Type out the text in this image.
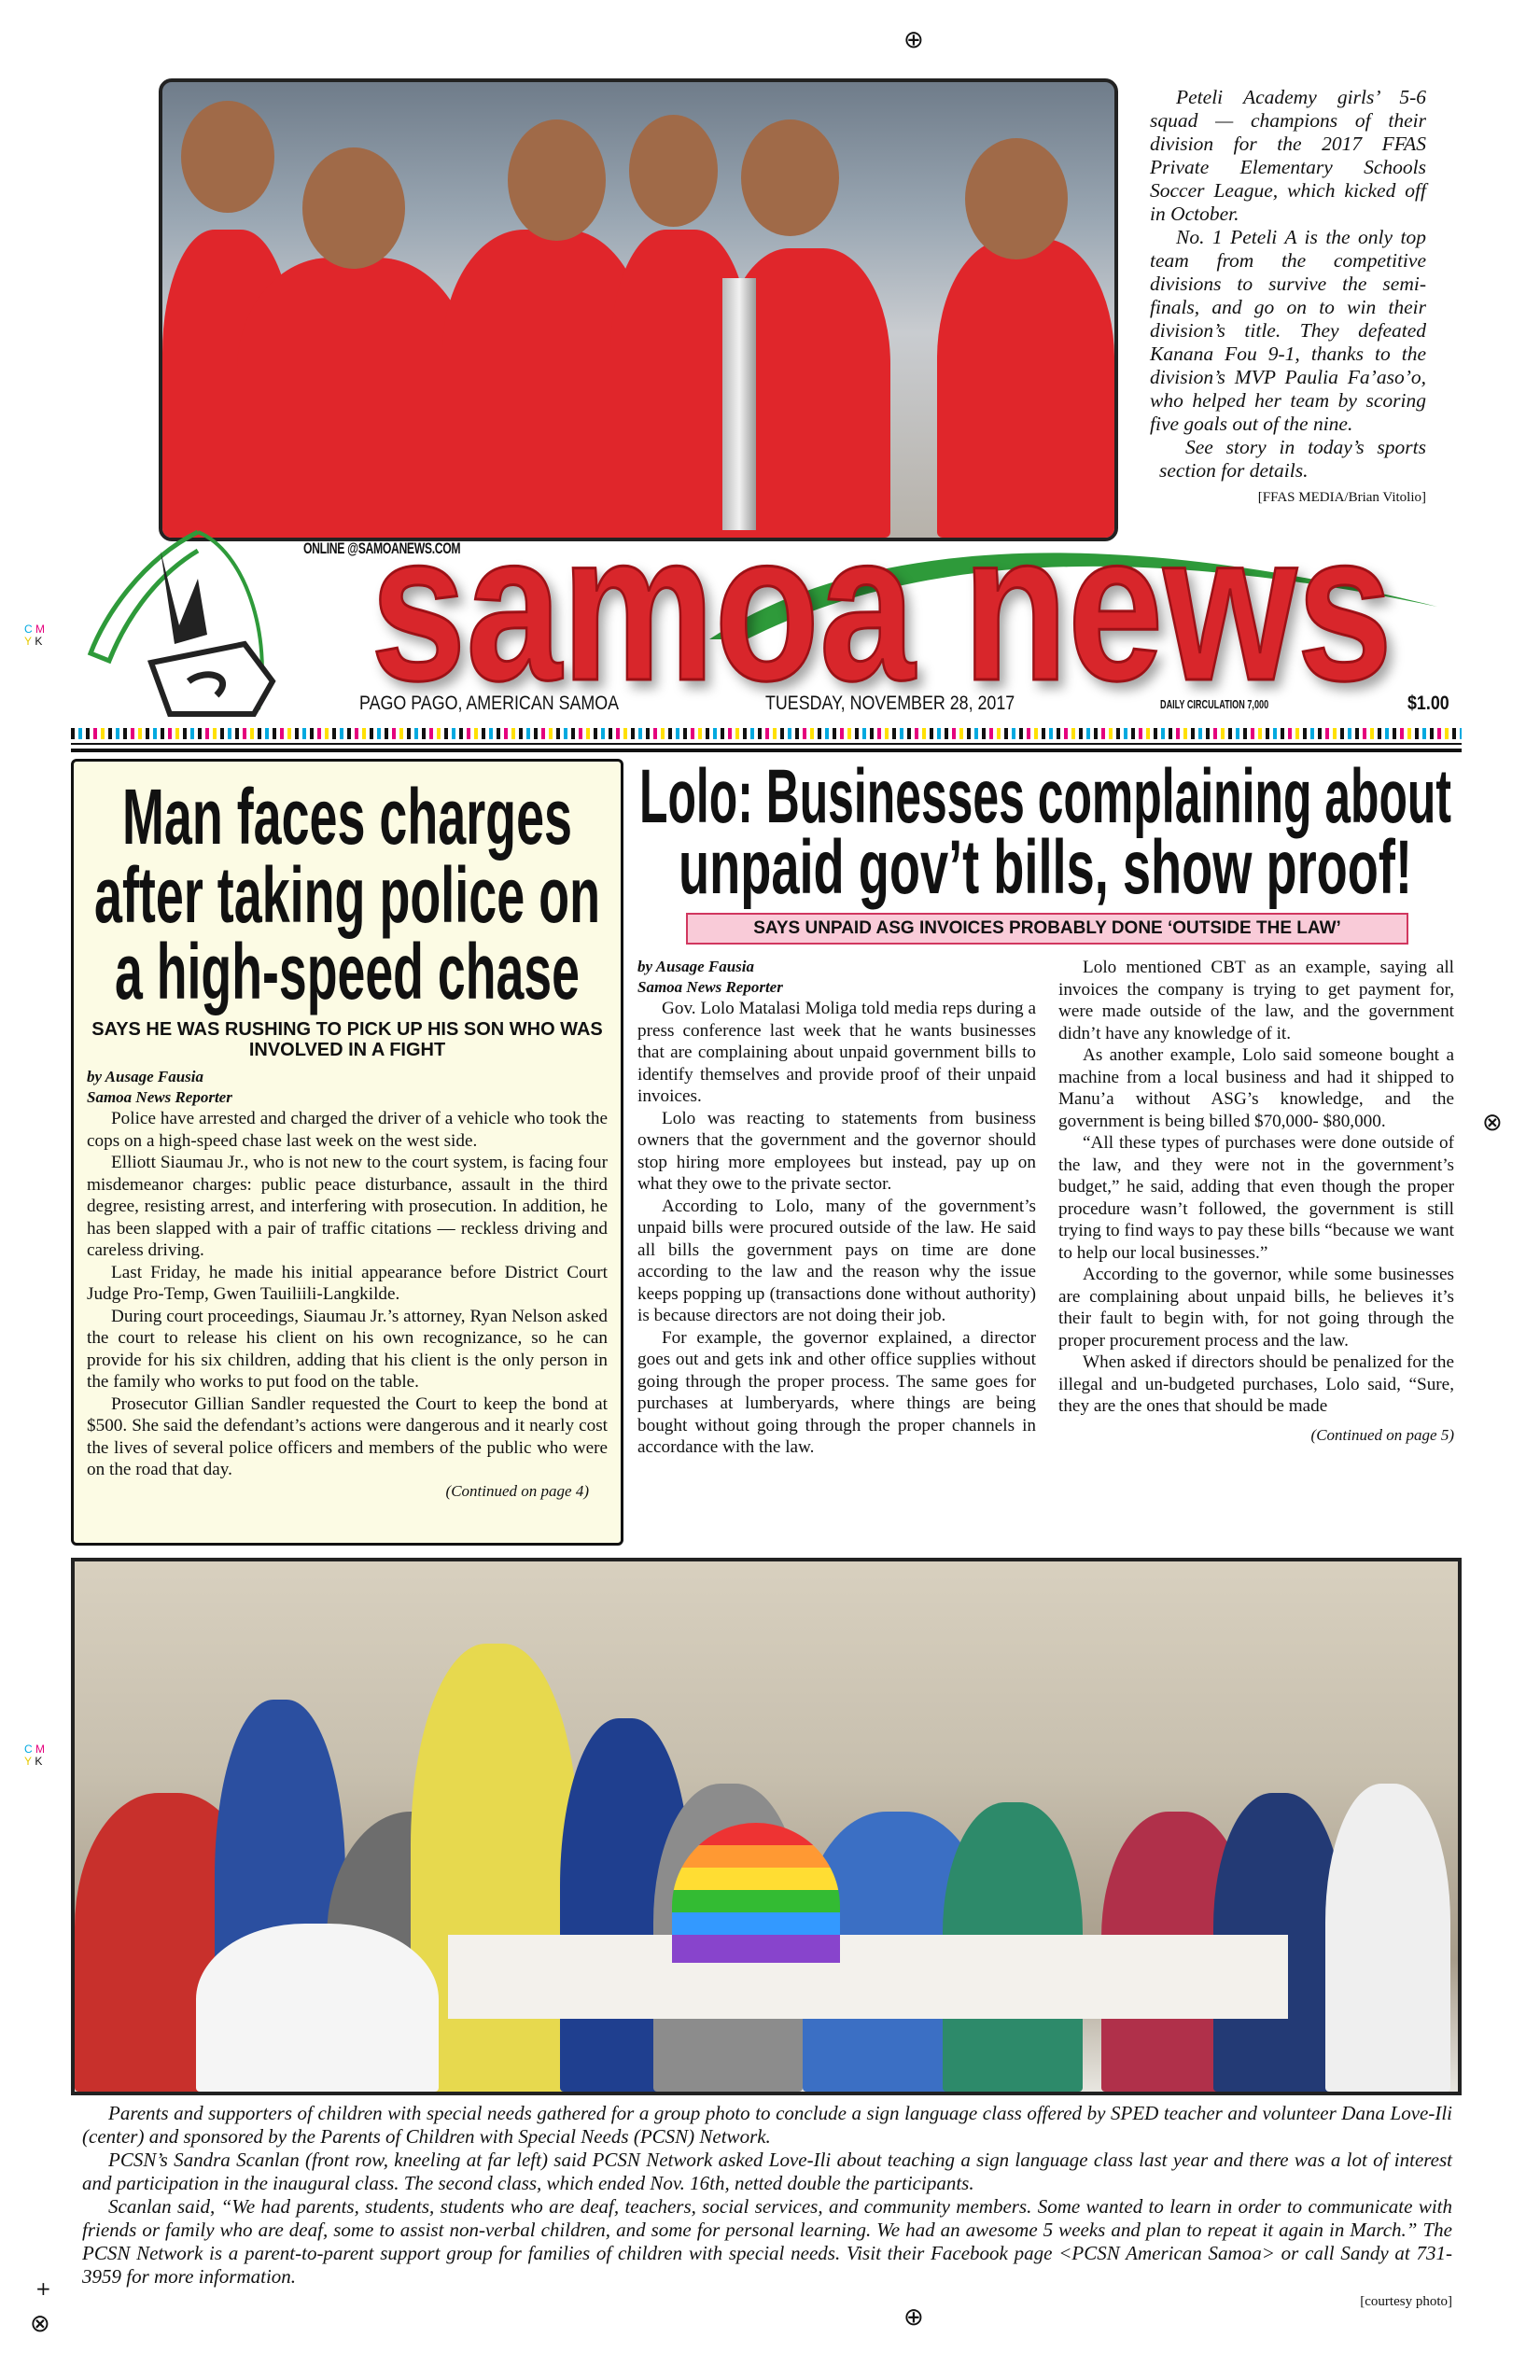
⊕
⊕
⊗
⊗
+
C M
Y K
C M
Y K

Peteli Academy girls’ 5-6 squad — champions of their division for the 2017 FFAS Private Elementary Schools Soccer League, which kicked off in October.

No. 1 Peteli A is the only top team from the competitive divisions to survive the semi-finals, and go on to win their division’s title. They defeated Kanana Fou 9-1, thanks to the division’s MVP Paulia Fa’aso’o, who helped her team by scoring five goals out of the nine.

See story in today’s sports section for details.

[FFAS MEDIA/Brian Vitolio]
ONLINE @SAMOANEWS.COM
samoa news
PAGO PAGO, AMERICAN SAMOA	TUESDAY, NOVEMBER 28, 2017	DAILY CIRCULATION 7,000	$1.00
Man faces charges
after taking police on
a high-speed chase
SAYS HE WAS RUSHING TO PICK UP HIS SON WHO WAS INVOLVED IN A FIGHT
by Ausage Fausia
Samoa News Reporter

Police have arrested and charged the driver of a vehicle who took the cops on a high-speed chase last week on the west side.

Elliott Siaumau Jr., who is not new to the court system, is facing four misdemeanor charges: public peace disturbance, assault in the third degree, resisting arrest, and interfering with prosecution. In addition, he has been slapped with a pair of traffic citations — reckless driving and careless driving.

Last Friday, he made his initial appearance before District Court Judge Pro-Temp, Gwen Tauiliili-Langkilde.

During court proceedings, Siaumau Jr.’s attorney, Ryan Nelson asked the court to release his client on his own recognizance, so he can provide for his six children, adding that his client is the only person in the family who works to put food on the table.

Prosecutor Gillian Sandler requested the Court to keep the bond at $500. She said the defendant’s actions were dangerous and it nearly cost the lives of several police officers and members of the public who were on the road that day.

(Continued on page 4)
Lolo: Businesses complaining about
unpaid gov’t bills, show proof!
SAYS UNPAID ASG INVOICES PROBABLY DONE ‘OUTSIDE THE LAW’
by Ausage Fausia
Samoa News Reporter

Gov. Lolo Matalasi Moliga told media reps during a press conference last week that he wants businesses that are complaining about unpaid government bills to identify themselves and provide proof of their unpaid invoices.

Lolo was reacting to statements from business owners that the government and the governor should stop hiring more employees but instead, pay up on what they owe to the private sector.

According to Lolo, many of the government’s unpaid bills were procured outside of the law. He said all bills the government pays on time are done according to the law and the reason why the issue keeps popping up (transactions done without authority) is because directors are not doing their job.

For example, the governor explained, a director goes out and gets ink and other office supplies without going through the proper process. The same goes for purchases at lumberyards, where things are being bought without going through the proper channels in accordance with the law.

Lolo mentioned CBT as an example, saying all invoices the company is trying to get payment for, were made outside of the law, and the government didn’t have any knowledge of it.

As another example, Lolo said someone bought a machine from a local business and had it shipped to Manu’a without ASG’s knowledge, and the government is being billed $70,000- $80,000.

“All these types of purchases were done outside of the law, and they were not in the government’s budget,” he said, adding that even though the proper procedure wasn’t followed, the government is still trying to find ways to pay these bills “because we want to help our local businesses.”

According to the governor, while some businesses are complaining about unpaid bills, he believes it’s their fault to begin with, for not going through the proper procurement process and the law.

When asked if directors should be penalized for the illegal and un-budgeted purchases, Lolo said, “Sure, they are the ones that should be made

(Continued on page 5)

Parents and supporters of children with special needs gathered for a group photo to conclude a sign language class offered by SPED teacher and volunteer Dana Love-Ili (center) and sponsored by the Parents of Children with Special Needs (PCSN) Network.

PCSN’s Sandra Scanlan (front row, kneeling at far left) said PCSN Network asked Love-Ili about teaching a sign language class last year and there was a lot of interest and participation in the inaugural class. The second class, which ended Nov. 16th, netted double the participants.

Scanlan said, “We had parents, students, students who are deaf, teachers, social services, and community members. Some wanted to learn in order to communicate with friends or family who are deaf, some to assist non-verbal children, and some for personal learning. We had an awesome 5 weeks and plan to repeat it again in March.” The PCSN Network is a parent-to-parent support group for families of children with special needs. Visit their Facebook page <PCSN American Samoa> or call Sandy at 731-3959 for more information.

[courtesy photo]
